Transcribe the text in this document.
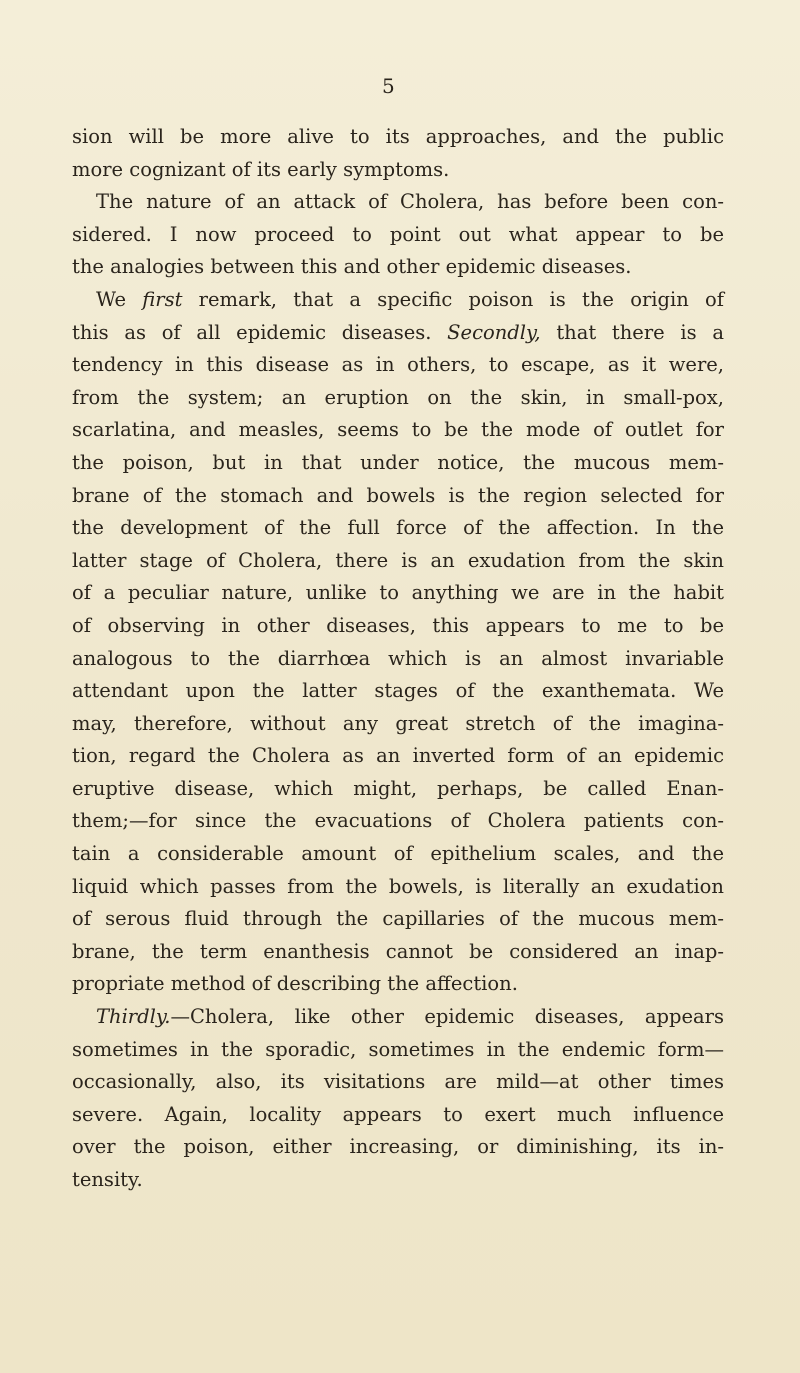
5
sion will be more alive to its approaches, and the public
more cognizant of its early symptoms.
The nature of an attack of Cholera, has before been con-
sidered. I now proceed to point out what appear to be
the analogies between this and other epidemic diseases.
We first remark, that a specific poison is the origin of
this as of all epidemic diseases. Secondly, that there is a
tendency in this disease as in others, to escape, as it were,
from the system; an eruption on the skin, in small-pox,
scarlatina, and measles, seems to be the mode of outlet for
the poison, but in that under notice, the mucous mem-
brane of the stomach and bowels is the region selected for
the development of the full force of the affection. In the
latter stage of Cholera, there is an exudation from the skin
of a peculiar nature, unlike to anything we are in the habit
of observing in other diseases, this appears to me to be
analogous to the diarrhœa which is an almost invariable
attendant upon the latter stages of the exanthemata. We
may, therefore, without any great stretch of the imagina-
tion, regard the Cholera as an inverted form of an epidemic
eruptive disease, which might, perhaps, be called Enan-
them;—for since the evacuations of Cholera patients con-
tain a considerable amount of epithelium scales, and the
liquid which passes from the bowels, is literally an exudation
of serous fluid through the capillaries of the mucous mem-
brane, the term enanthesis cannot be considered an inap-
propriate method of describing the affection.
Thirdly.—Cholera, like other epidemic diseases, appears
sometimes in the sporadic, sometimes in the endemic form—
occasionally, also, its visitations are mild—at other times
severe. Again, locality appears to exert much influence
over the poison, either increasing, or diminishing, its in-
tensity.
